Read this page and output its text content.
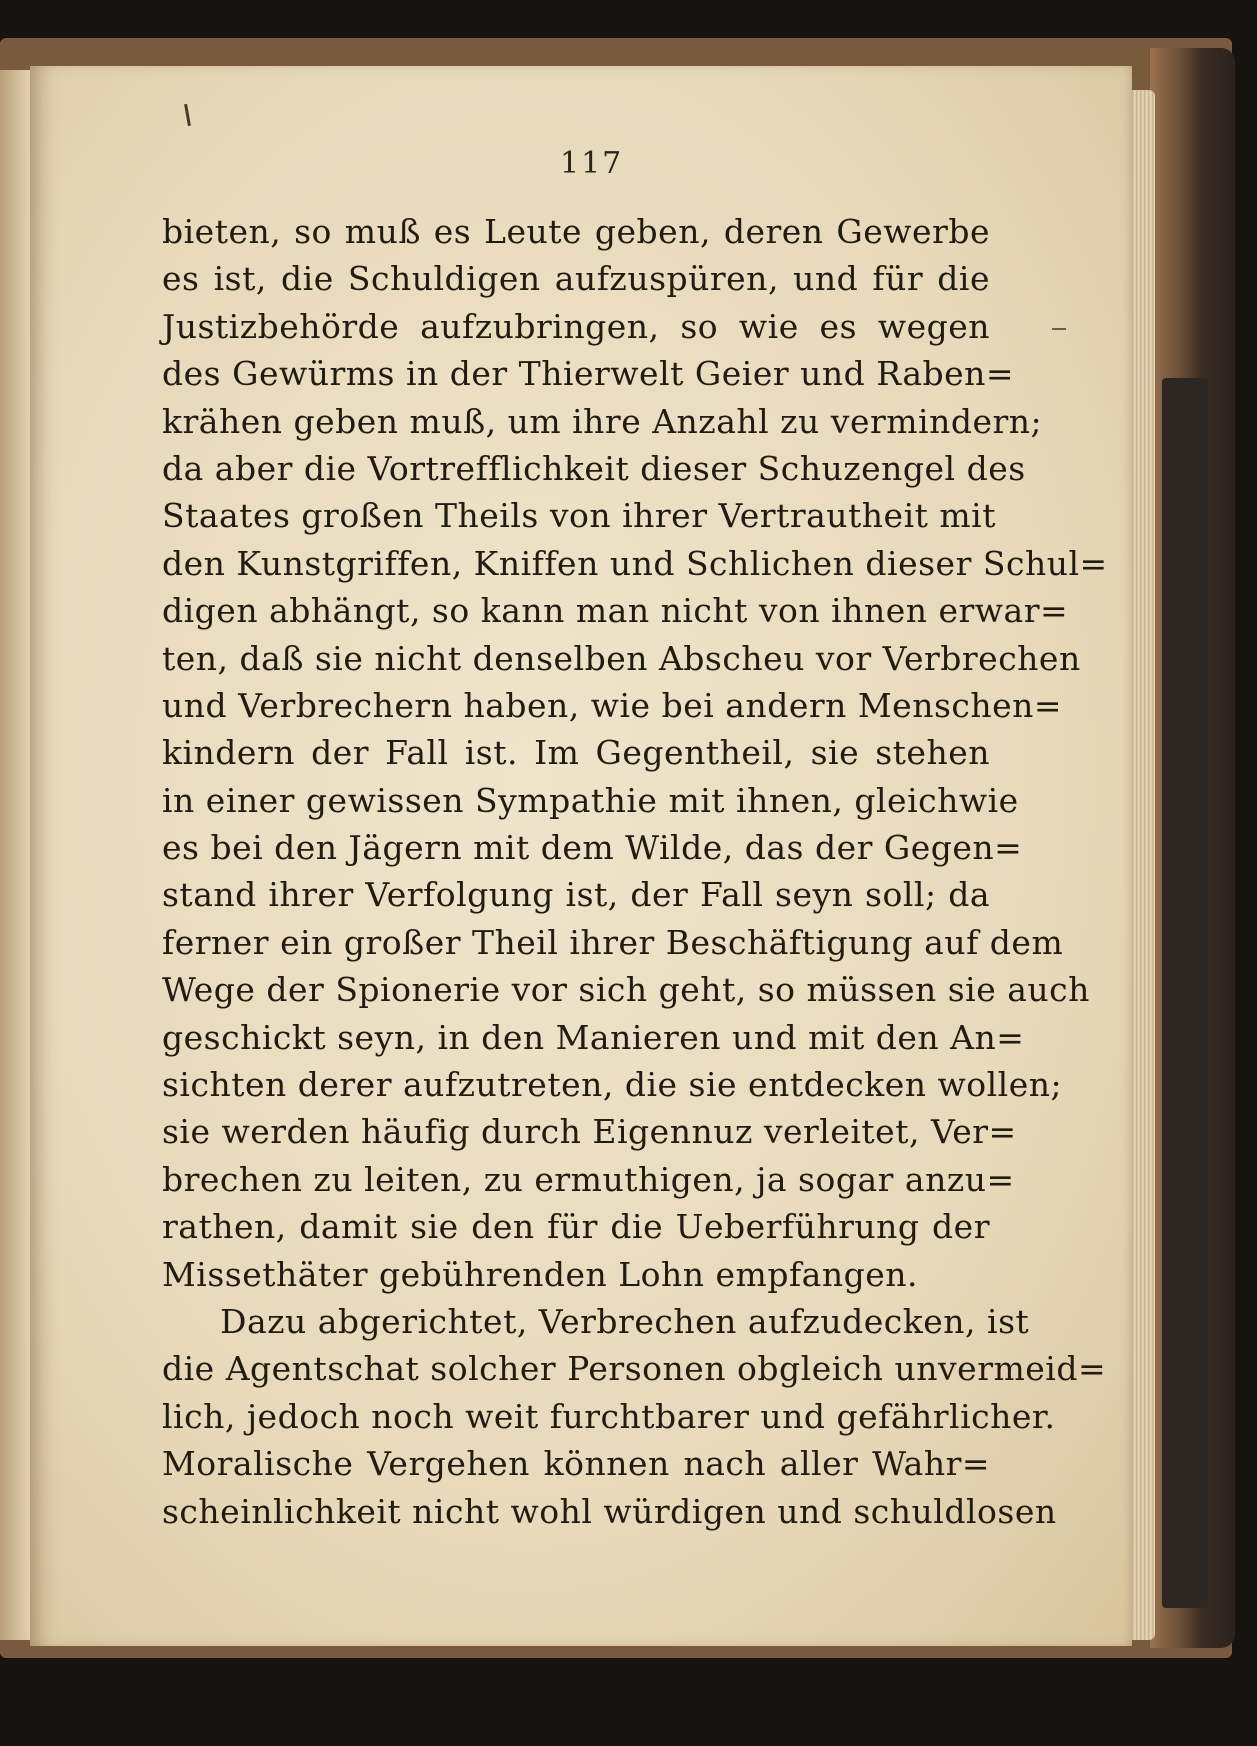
117
bieten, so muß es Leute geben, deren Gewerbe
es ist, die Schuldigen aufzuspüren, und für die
Justizbehörde aufzubringen, so wie es wegen
des Gewürms in der Thierwelt Geier und Raben=
krähen geben muß, um ihre Anzahl zu vermindern;
da aber die Vortrefflichkeit dieser Schuzengel des
Staates großen Theils von ihrer Vertrautheit mit
den Kunstgriffen, Kniffen und Schlichen dieser Schul=
digen abhängt, so kann man nicht von ihnen erwar=
ten, daß sie nicht denselben Abscheu vor Verbrechen
und Verbrechern haben, wie bei andern Menschen=
kindern der Fall ist. Im Gegentheil, sie stehen
in einer gewissen Sympathie mit ihnen, gleichwie
es bei den Jägern mit dem Wilde, das der Gegen=
stand ihrer Verfolgung ist, der Fall seyn soll; da
ferner ein großer Theil ihrer Beschäftigung auf dem
Wege der Spionerie vor sich geht, so müssen sie auch
geschickt seyn, in den Manieren und mit den An=
sichten derer aufzutreten, die sie entdecken wollen;
sie werden häufig durch Eigennuz verleitet, Ver=
brechen zu leiten, zu ermuthigen, ja sogar anzu=
rathen, damit sie den für die Ueberführung der
Missethäter gebührenden Lohn empfangen.
Dazu abgerichtet, Verbrechen aufzudecken, ist
die Agentschat solcher Personen obgleich unvermeid=
lich, jedoch noch weit furchtbarer und gefährlicher.
Moralische Vergehen können nach aller Wahr=
scheinlichkeit nicht wohl würdigen und schuldlosen
